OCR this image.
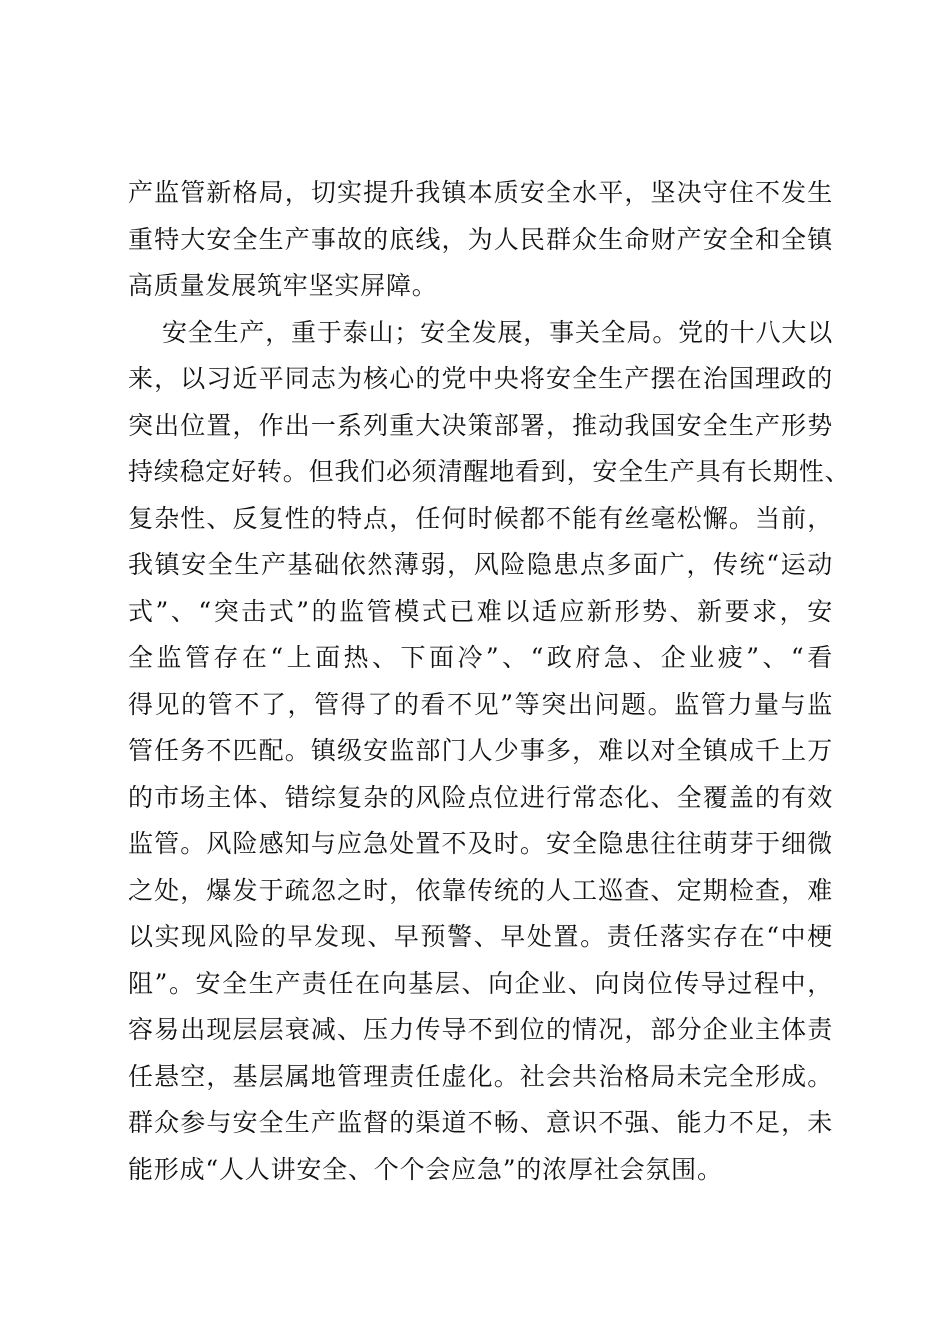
产监管新格局，切实提升我镇本质安全水平，坚决守住不发生
重特大安全生产事故的底线，为人民群众生命财产安全和全镇
高质量发展筑牢坚实屏障。
安全生产，重于泰山；安全发展，事关全局。党的十八大以
来，以习近平同志为核心的党中央将安全生产摆在治国理政的
突出位置，作出一系列重大决策部署，推动我国安全生产形势
持续稳定好转。但我们必须清醒地看到，安全生产具有长期性、
复杂性、反复性的特点，任何时候都不能有丝毫松懈。当前，
我镇安全生产基础依然薄弱，风险隐患点多面广，传统“运动
式”、“突击式”的监管模式已难以适应新形势、新要求，安
全监管存在“上面热、下面冷”、“政府急、企业疲”、“看
得见的管不了，管得了的看不见”等突出问题。监管力量与监
管任务不匹配。镇级安监部门人少事多，难以对全镇成千上万
的市场主体、错综复杂的风险点位进行常态化、全覆盖的有效
监管。风险感知与应急处置不及时。安全隐患往往萌芽于细微
之处，爆发于疏忽之时，依靠传统的人工巡查、定期检查，难
以实现风险的早发现、早预警、早处置。责任落实存在“中梗
阻”。安全生产责任在向基层、向企业、向岗位传导过程中，
容易出现层层衰减、压力传导不到位的情况，部分企业主体责
任悬空，基层属地管理责任虚化。社会共治格局未完全形成。
群众参与安全生产监督的渠道不畅、意识不强、能力不足，未
能形成“人人讲安全、个个会应急”的浓厚社会氛围。
